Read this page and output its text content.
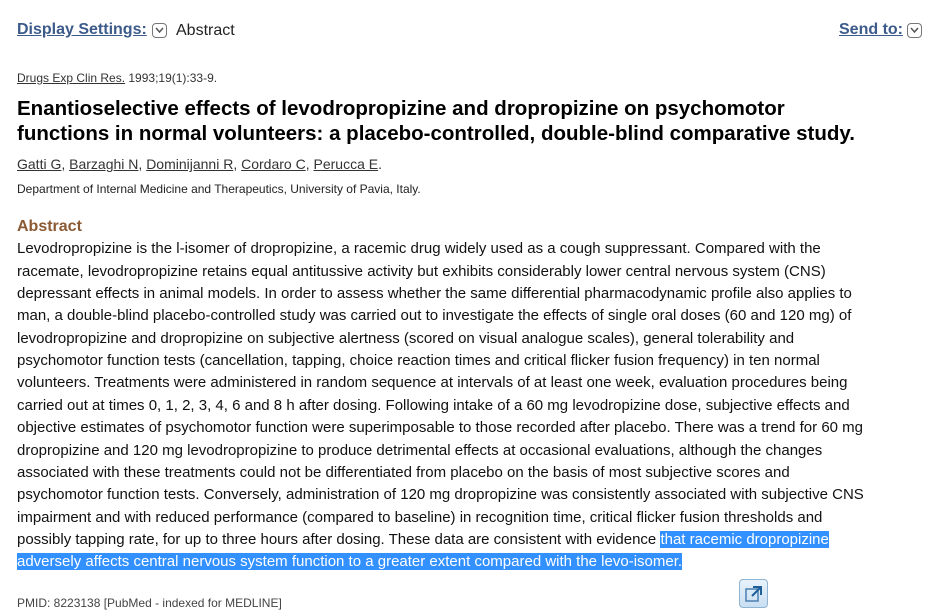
Display Settings: Abstract	Send to:
Drugs Exp Clin Res. 1993;19(1):33-9.
Enantioselective effects of levodropropizine and dropropizine on psychomotor
functions in normal volunteers: a placebo-controlled, double-blind comparative study.
Gatti G, Barzaghi N, Dominijanni R, Cordaro C, Perucca E.
Department of Internal Medicine and Therapeutics, University of Pavia, Italy.
Abstract
Levodropropizine is the l-isomer of dropropizine, a racemic drug widely used as a cough suppressant. Compared with the
racemate, levodropropizine retains equal antitussive activity but exhibits considerably lower central nervous system (CNS)
depressant effects in animal models. In order to assess whether the same differential pharmacodynamic profile also applies to
man, a double-blind placebo-controlled study was carried out to investigate the effects of single oral doses (60 and 120 mg) of
levodropropizine and dropropizine on subjective alertness (scored on visual analogue scales), general tolerability and
psychomotor function tests (cancellation, tapping, choice reaction times and critical flicker fusion frequency) in ten normal
volunteers. Treatments were administered in random sequence at intervals of at least one week, evaluation procedures being
carried out at times 0, 1, 2, 3, 4, 6 and 8 h after dosing. Following intake of a 60 mg levodropizine dose, subjective effects and
objective estimates of psychomotor function were superimposable to those recorded after placebo. There was a trend for 60 mg
dropropizine and 120 mg levodropropizine to produce detrimental effects at occasional evaluations, although the changes
associated with these treatments could not be differentiated from placebo on the basis of most subjective scores and
psychomotor function tests. Conversely, administration of 120 mg dropropizine was consistently associated with subjective CNS
impairment and with reduced performance (compared to baseline) in recognition time, critical flicker fusion thresholds and
possibly tapping rate, for up to three hours after dosing. These data are consistent with evidence that racemic dropropizine
adversely affects central nervous system function to a greater extent compared with the levo-isomer.
PMID: 8223138 [PubMed - indexed for MEDLINE]
